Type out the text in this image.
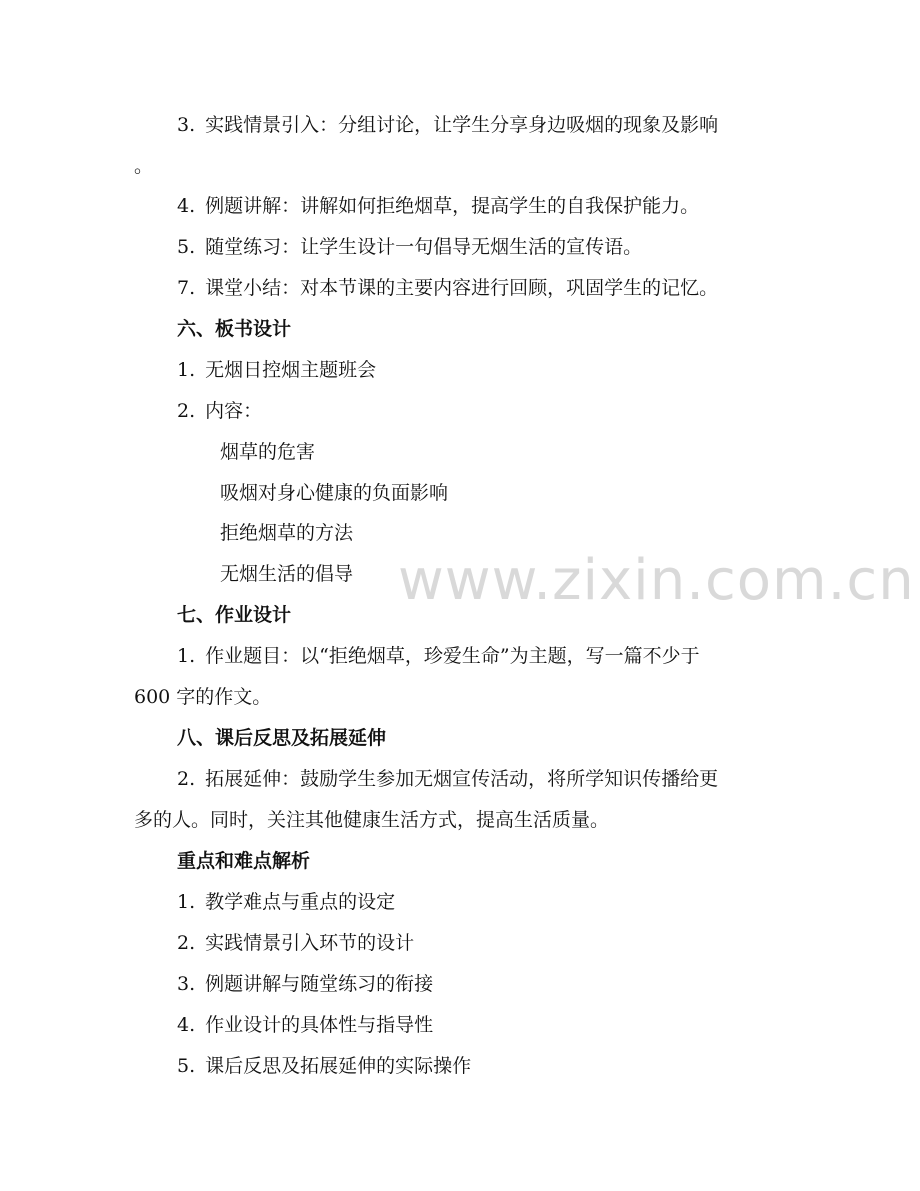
www.zixin.com.cn
3. 实践情景引入：分组讨论，让学生分享身边吸烟的现象及影响
。
4. 例题讲解：讲解如何拒绝烟草，提高学生的自我保护能力。
5. 随堂练习：让学生设计一句倡导无烟生活的宣传语。
7. 课堂小结：对本节课的主要内容进行回顾，巩固学生的记忆。
六、板书设计
1. 无烟日控烟主题班会
2. 内容：
烟草的危害
吸烟对身心健康的负面影响
拒绝烟草的方法
无烟生活的倡导
七、作业设计
1. 作业题目：以“拒绝烟草，珍爱生命”为主题，写一篇不少于
600 字的作文。
八、课后反思及拓展延伸
2. 拓展延伸：鼓励学生参加无烟宣传活动，将所学知识传播给更
多的人。同时，关注其他健康生活方式，提高生活质量。
重点和难点解析
1. 教学难点与重点的设定
2. 实践情景引入环节的设计
3. 例题讲解与随堂练习的衔接
4. 作业设计的具体性与指导性
5. 课后反思及拓展延伸的实际操作
